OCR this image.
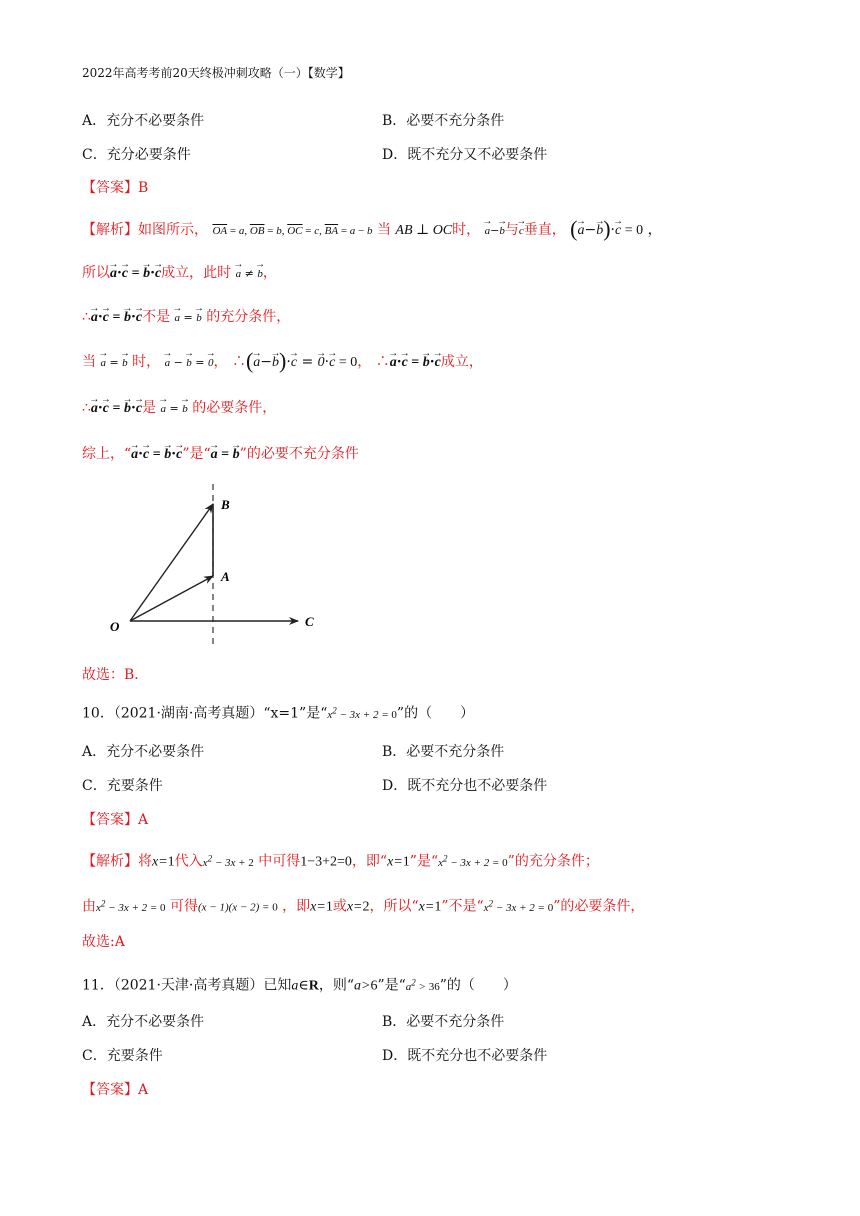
2022年高考考前20天终极冲刺攻略（一）【数学】
A．充分不必要条件	B．必要不充分条件
C．充分必要条件	D．既不充分又不必要条件
【答案】B
【解析】如图所示， $\overline{OA} = a$, $\overline{OB} = b$, $\overline{OC} = c$, $\overline{BA} = a - b$ 当 AB ⊥ OC时， → a−→ b与→ c垂直， (→ a−→ b)·→ c = 0 ，
所以→ a·→ c = → b·→ c成立，此时 → a ≠ → b，
∴→ a·→ c = → b·→ c不是 → a = → b 的充分条件，
当 → a = → b 时， → a − → b = → 0， ∴(→ a−→ b)·→ c = → 0·→ c = 0， ∴→ a·→ c = → b·→ c成立，
∴→ a·→ c = → b·→ c是 → a = → b 的必要条件，
综上，“→ a·→ c = → b·→ c”是“→ a = → b”的必要不充分条件
O
A
B
C
故选：B．
10．（2021·湖南·高考真题）“x=1”是“$x^2 - 3x + 2 = 0$”的（　　）
A．充分不必要条件	B．必要不充分条件
C．充要条件	D．既不充分也不必要条件
【答案】A
【解析】将x=1代入$x^2 - 3x + 2$ 中可得1−3+2=0，即“x=1”是“$x^2 - 3x + 2 = 0$”的充分条件；
由$x^2 - 3x + 2 = 0$ 可得(x − 1)(x − 2) = 0 ，即x=1或x=2，所以“x=1”不是“$x^2 - 3x + 2 = 0$”的必要条件，
故选:A
11．（2021·天津·高考真题）已知a∈R，则“a>6”是“$a^2 > 36$”的（　　）
A．充分不必要条件	B．必要不充分条件
C．充要条件	D．既不充分也不必要条件
【答案】A
